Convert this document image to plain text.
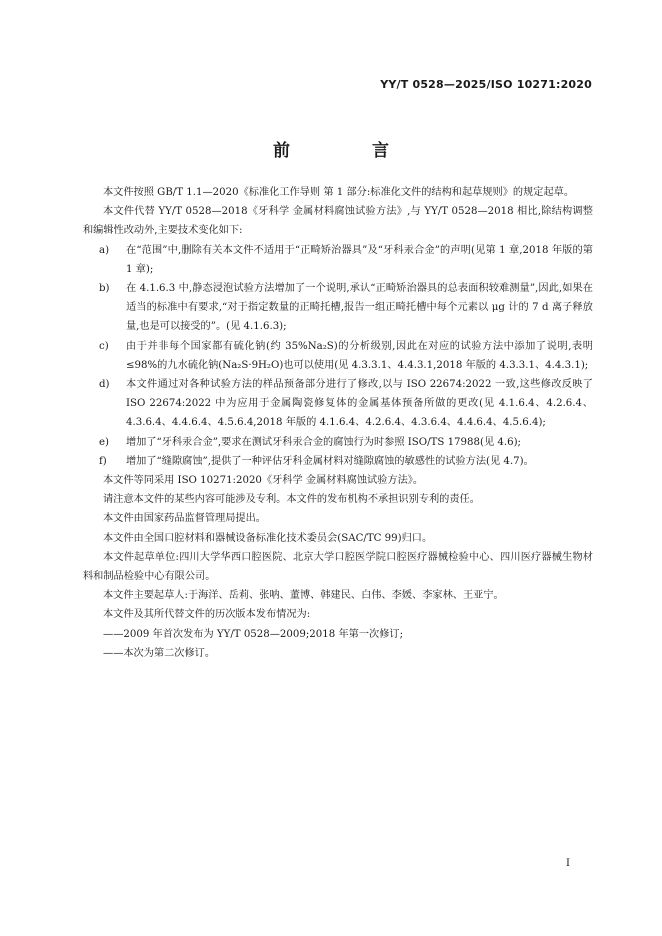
YY/T 0528—2025/ISO 10271:2020
前 言

本文件按照 GB/T 1.1—2020《标准化工作导则 第 1 部分:标准化文件的结构和起草规则》的规定起草。

本文件代替 YY/T 0528—2018《牙科学 金属材料腐蚀试验方法》,与 YY/T 0528—2018 相比,除结构调整和编辑性改动外,主要技术变化如下:

a) 在“范围”中,删除有关本文件不适用于“正畸矫治器具”及“牙科汞合金”的声明(见第 1 章,2018 年版的第 1 章);
b) 在 4.1.6.3 中,静态浸泡试验方法增加了一个说明,承认“正畸矫治器具的总表面积较难测量”,因此,如果在适当的标准中有要求,“对于指定数量的正畸托槽,报告一组正畸托槽中每个元素以 μg 计的 7 d 离子释放量,也是可以接受的”。(见 4.1.6.3);
c) 由于并非每个国家都有硫化钠(约 35%Na₂S)的分析级别,因此在对应的试验方法中添加了说明,表明≤98%的九水硫化钠(Na₂S·9H₂O)也可以使用(见 4.3.3.1、4.4.3.1,2018 年版的 4.3.3.1、4.4.3.1);
d) 本文件通过对各种试验方法的样品预备部分进行了修改,以与 ISO 22674:2022 一致,这些修改反映了 ISO 22674:2022 中为应用于金属陶瓷修复体的金属基体预备所做的更改(见 4.1.6.4、4.2.6.4、4.3.6.4、4.4.6.4、4.5.6.4,2018 年版的 4.1.6.4、4.2.6.4、4.3.6.4、4.4.6.4、4.5.6.4);
e) 增加了“牙科汞合金”,要求在测试牙科汞合金的腐蚀行为时参照 ISO/TS 17988(见 4.6);
f) 增加了“缝隙腐蚀”,提供了一种评估牙科金属材料对缝隙腐蚀的敏感性的试验方法(见 4.7)。

本文件等同采用 ISO 10271:2020《牙科学 金属材料腐蚀试验方法》。

请注意本文件的某些内容可能涉及专利。本文件的发布机构不承担识别专利的责任。

本文件由国家药品监督管理局提出。

本文件由全国口腔材料和器械设备标准化技术委员会(SAC/TC 99)归口。

本文件起草单位:四川大学华西口腔医院、北京大学口腔医学院口腔医疗器械检验中心、四川医疗器械生物材料和制品检验中心有限公司。

本文件主要起草人:于海洋、岳莉、张呐、董博、韩建民、白伟、李媛、李家林、王亚宁。

本文件及其所代替文件的历次版本发布情况为:

——2009 年首次发布为 YY/T 0528—2009;2018 年第一次修订;

——本次为第二次修订。

I
